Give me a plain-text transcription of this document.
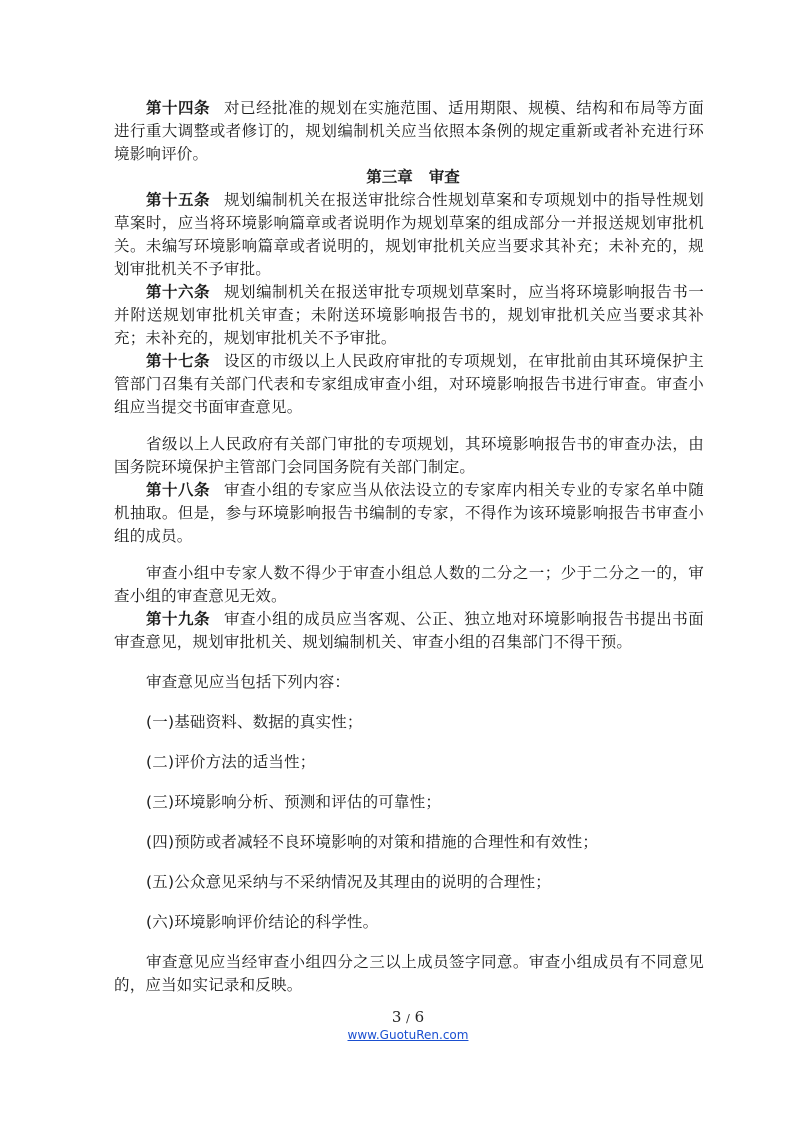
第十四条 对已经批准的规划在实施范围、适用期限、规模、结构和布局等方面进行重大调整或者修订的，规划编制机关应当依照本条例的规定重新或者补充进行环境影响评价。

第三章 审查

第十五条 规划编制机关在报送审批综合性规划草案和专项规划中的指导性规划草案时，应当将环境影响篇章或者说明作为规划草案的组成部分一并报送规划审批机关。未编写环境影响篇章或者说明的，规划审批机关应当要求其补充；未补充的，规划审批机关不予审批。

第十六条 规划编制机关在报送审批专项规划草案时，应当将环境影响报告书一并附送规划审批机关审查；未附送环境影响报告书的，规划审批机关应当要求其补充；未补充的，规划审批机关不予审批。

第十七条 设区的市级以上人民政府审批的专项规划，在审批前由其环境保护主管部门召集有关部门代表和专家组成审查小组，对环境影响报告书进行审查。审查小组应当提交书面审查意见。

省级以上人民政府有关部门审批的专项规划，其环境影响报告书的审查办法，由国务院环境保护主管部门会同国务院有关部门制定。

第十八条 审查小组的专家应当从依法设立的专家库内相关专业的专家名单中随机抽取。但是，参与环境影响报告书编制的专家，不得作为该环境影响报告书审查小组的成员。

审查小组中专家人数不得少于审查小组总人数的二分之一；少于二分之一的，审查小组的审查意见无效。

第十九条 审查小组的成员应当客观、公正、独立地对环境影响报告书提出书面审查意见，规划审批机关、规划编制机关、审查小组的召集部门不得干预。

审查意见应当包括下列内容：

(一)基础资料、数据的真实性；

(二)评价方法的适当性；

(三)环境影响分析、预测和评估的可靠性；

(四)预防或者减轻不良环境影响的对策和措施的合理性和有效性；

(五)公众意见采纳与不采纳情况及其理由的说明的合理性；

(六)环境影响评价结论的科学性。

审查意见应当经审查小组四分之三以上成员签字同意。审查小组成员有不同意见的，应当如实记录和反映。

3 / 6
www.GuotuRen.com
